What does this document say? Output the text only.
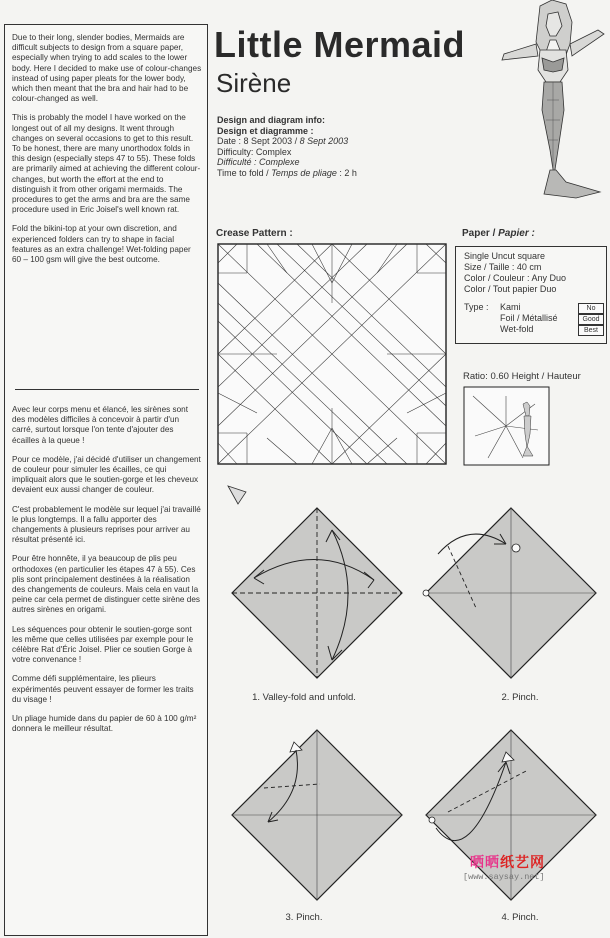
Due to their long, slender bodies, Mermaids are difficult subjects to design from a square paper, especially when trying to add scales to the lower body. Here I decided to make use of colour-changes instead of using paper pleats for the lower body, which then meant that the bra and hair had to be colour-changed as well.

This is probably the model I have worked on the longest out of all my designs. It went through changes on several occasions to get to this result. To be honest, there are many unorthodox folds in this design (especially steps 47 to 55). These folds are primarily aimed at achieving the different colour-changes, but worth the effort at the end to distinguish it from other origami mermaids. The procedures to get the arms and bra are the same procedure used in Eric Joisel's well known rat.

Fold the bikini-top at your own discretion, and experienced folders can try to shape in facial features as an extra challenge! Wet-folding paper 60 – 100 gsm will give the best outcome.

Avec leur corps menu et élancé, les sirènes sont des modèles difficiles à concevoir à partir d'un carré, surtout lorsque l'on tente d'ajouter des écailles à la queue !

Pour ce modèle, j'ai décidé d'utiliser un changement de couleur pour simuler les écailles, ce qui impliquait alors que le soutien-gorge et les cheveux devaient eux aussi changer de couleur.

C'est probablement le modèle sur lequel j'ai travaillé le plus longtemps. Il a fallu apporter des changements à plusieurs reprises pour arriver au résultat présenté ici.

Pour être honnête, il ya beaucoup de plis peu orthodoxes (en particulier les étapes 47 à 55). Ces plis sont principalement destinées à la réalisation des changements de couleurs. Mais cela en vaut la peine car cela permet de distinguer cette sirène des autres sirènes en origami.

Les séquences pour obtenir le soutien-gorge sont les même que celles utilisées par exemple pour le célèbre Rat d'Éric Joisel. Plier ce soutien Gorge à votre convenance !

Comme défi supplémentaire, les plieurs expérimentés peuvent essayer de former les traits du visage !

Un pliage humide dans du papier de 60 à 100 g/m² donnera le meilleur résultat.

Little Mermaid
Sirène
Design and diagram info:
Design et diagramme :
Date : 8 Sept 2003 / 8 Sept 2003
Difficulty: Complex
Difficulté : Complexe
Time to fold / Temps de pliage : 2 h
Crease Pattern :	Paper / Papier :
Single Uncut square
Size / Taille : 40 cm
Color / Couleur : Any Duo
Color / Tout papier Duo
Type : Kami
Foil / Métallisé
Wet-fold
No
Good
Best
Ratio: 0.60 Height / Hauteur
1. Valley-fold and unfold.	2. Pinch.
3. Pinch.	4. Pinch.
晒晒纸艺网
[www.saysay.net]
